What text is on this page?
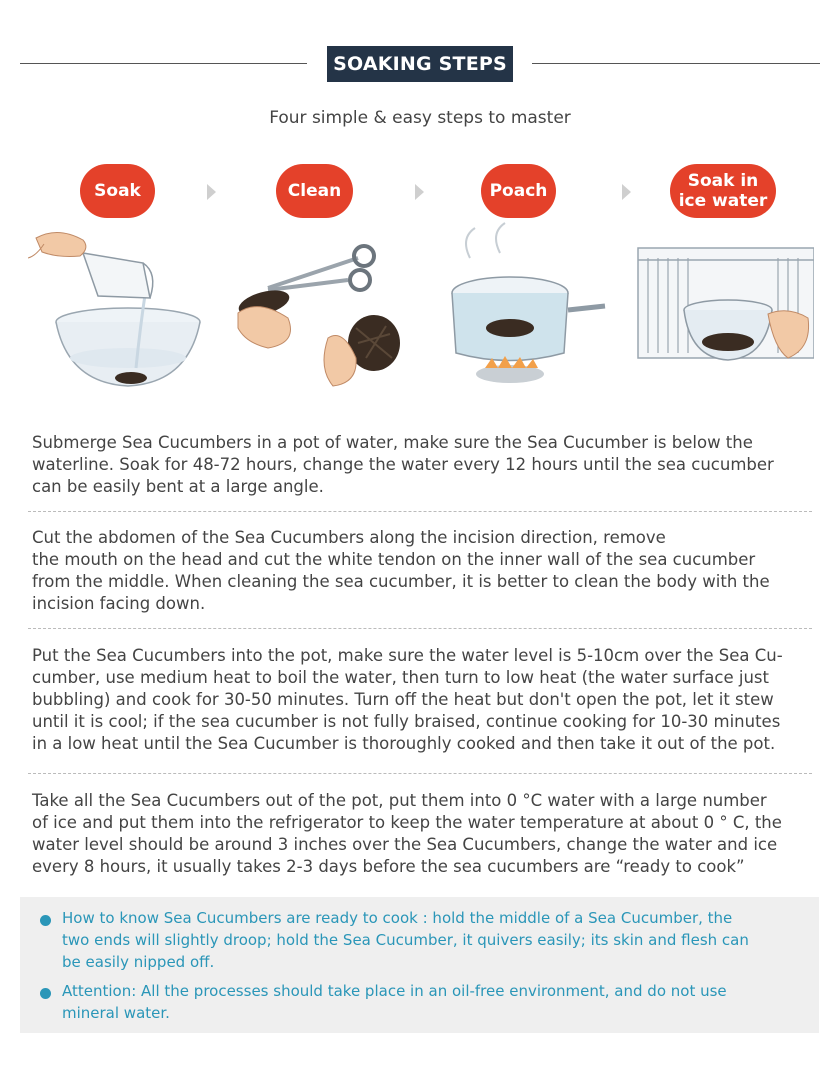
SOAKING STEPS
Four simple & easy steps to master
Soak	Clean	Poach	Soak in
ice water
Submerge Sea Cucumbers in a pot of water, make sure the Sea Cucumber is below the
waterline. Soak for 48-72 hours, change the water every 12 hours until the sea cucumber
can be easily bent at a large angle.
Cut the abdomen of the Sea Cucumbers along the incision direction, remove
the mouth on the head and cut the white tendon on the inner wall of the sea cucumber
from the middle. When cleaning the sea cucumber, it is better to clean the body with the
incision facing down.
Put the Sea Cucumbers into the pot, make sure the water level is 5-10cm over the Sea Cu-
cumber, use medium heat to boil the water, then turn to low heat (the water surface just
bubbling) and cook for 30-50 minutes. Turn off the heat but don't open the pot, let it stew
until it is cool; if the sea cucumber is not fully braised, continue cooking for 10-30 minutes
in a low heat until the Sea Cucumber is thoroughly cooked and then take it out of the pot.
Take all the Sea Cucumbers out of the pot, put them into 0 °C water with a large number
of ice and put them into the refrigerator to keep the water temperature at about 0 ° C, the
water level should be around 3 inches over the Sea Cucumbers, change the water and ice
every 8 hours, it usually takes 2-3 days before the sea cucumbers are “ready to cook”
How to know Sea Cucumbers are ready to cook : hold the middle of a Sea Cucumber, the
two ends will slightly droop; hold the Sea Cucumber, it quivers easily; its skin and flesh can
be easily nipped off.
Attention: All the processes should take place in an oil-free environment, and do not use
mineral water.
